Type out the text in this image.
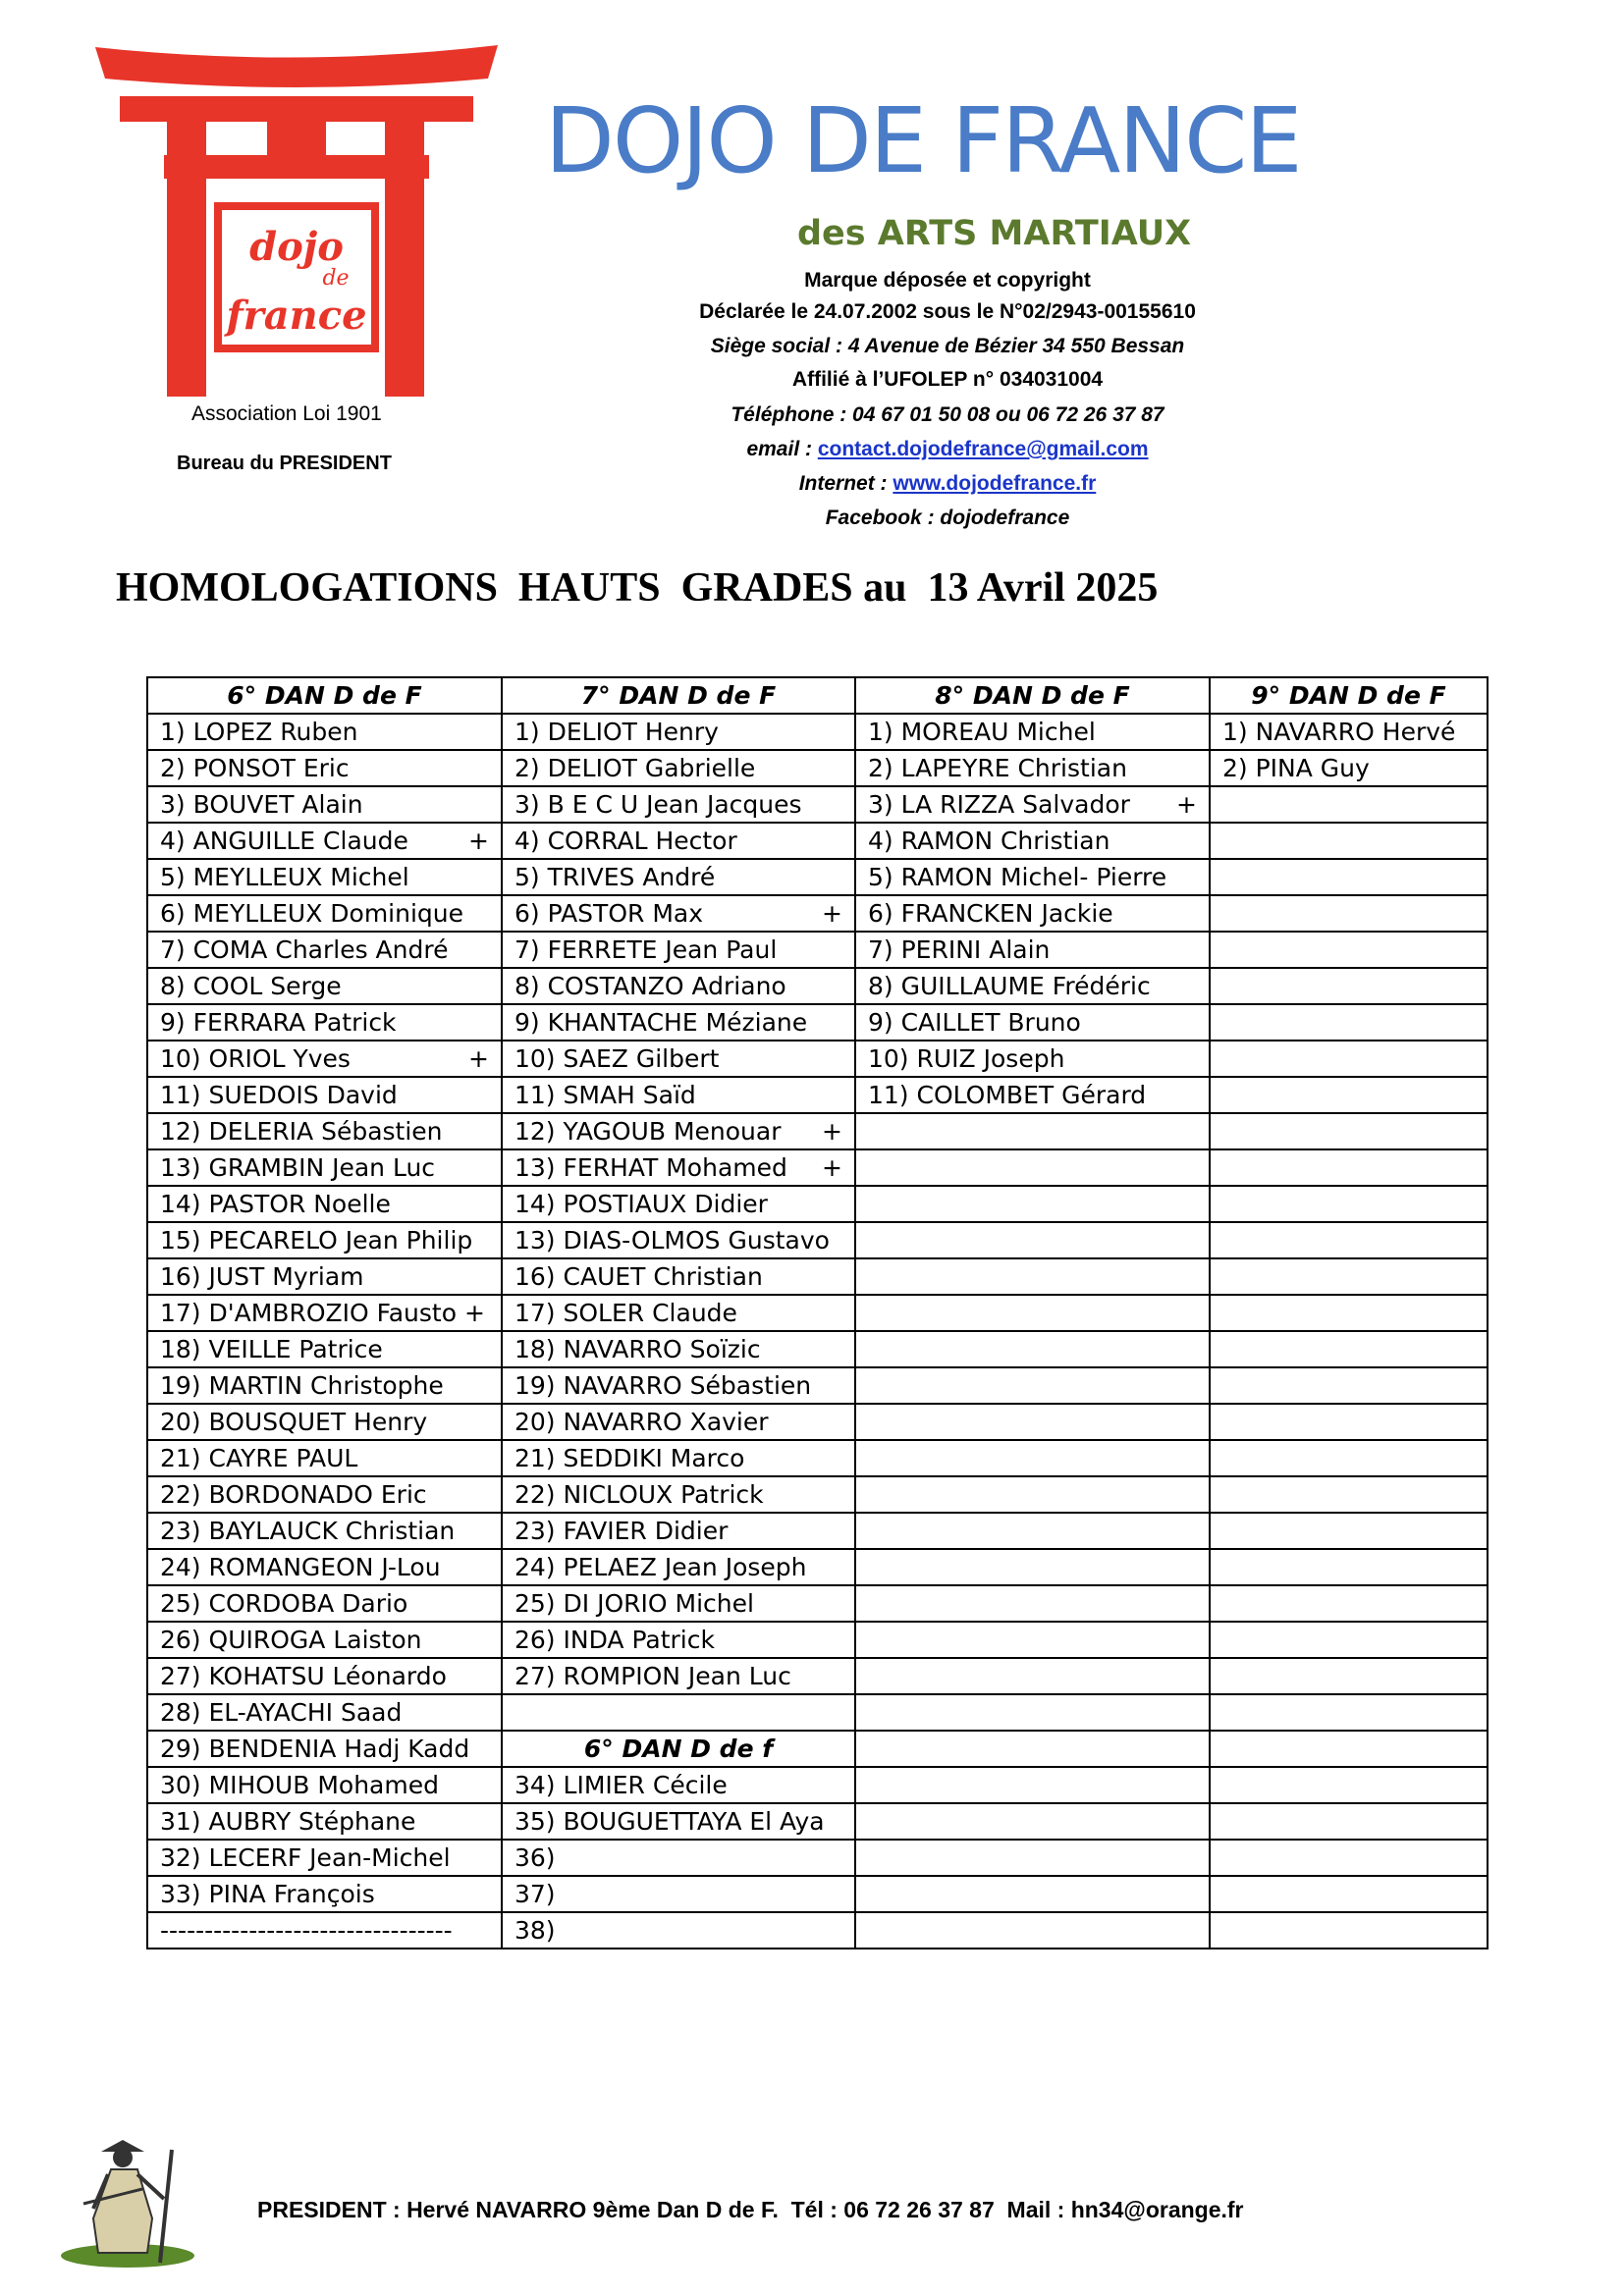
dojo
de
france
DOJO DE FRANCE
des ARTS MARTIAUX
Marque déposée et copyright
Déclarée le 24.07.2002 sous le N°02/2943-00155610
Siège social : 4 Avenue de Bézier 34 550 Bessan
Affilié à l’UFOLEP n° 034031004
Téléphone : 04 67 01 50 08 ou 06 72 26 37 87
email : contact.dojodefrance@gmail.com
Internet : www.dojodefrance.fr
Facebook : dojodefrance
Association Loi 1901
Bureau du PRESIDENT
HOMOLOGATIONS  HAUTS  GRADES au  13 Avril 2025
6° DAN D de F	7° DAN D de F	8° DAN D de F	9° DAN D de F

1) LOPEZ Ruben	1) DELIOT Henry	1) MOREAU Michel	1) NAVARRO Hervé

2) PONSOT Eric	2) DELIOT Gabrielle	2) LAPEYRE Christian	2) PINA Guy

3) BOUVET Alain	3) B E C U Jean Jacques	3) LA RIZZA Salvador +	

4) ANGUILLE Claude +	4) CORRAL Hector	4) RAMON Christian	

5) MEYLLEUX Michel	5) TRIVES André	5) RAMON Michel- Pierre	

6) MEYLLEUX Dominique	6) PASTOR Max +	6) FRANCKEN Jackie	

7) COMA Charles André	7) FERRETE Jean Paul	7) PERINI Alain	

8) COOL Serge	8) COSTANZO Adriano	8) GUILLAUME Frédéric	

9) FERRARA Patrick	9) KHANTACHE Méziane	9) CAILLET Bruno	

10) ORIOL Yves +	10) SAEZ Gilbert	10) RUIZ Joseph	

11) SUEDOIS David	11) SMAH Saïd	11) COLOMBET Gérard	

12) DELERIA Sébastien	12) YAGOUB Menouar +		

13) GRAMBIN Jean Luc	13) FERHAT Mohamed +		

14) PASTOR Noelle	14) POSTIAUX Didier		

15) PECARELO Jean Philip	13) DIAS-OLMOS Gustavo		

16) JUST Myriam	16) CAUET Christian		

17) D'AMBROZIO Fausto +	17) SOLER Claude		

18) VEILLE Patrice	18) NAVARRO Soïzic		

19) MARTIN Christophe	19) NAVARRO Sébastien		

20) BOUSQUET Henry	20) NAVARRO Xavier		

21) CAYRE PAUL	21) SEDDIKI Marco		

22) BORDONADO Eric	22) NICLOUX Patrick		

23) BAYLAUCK Christian	23) FAVIER Didier		

24) ROMANGEON J-Lou	24) PELAEZ Jean Joseph		

25) CORDOBA Dario	25) DI JORIO Michel		

26) QUIROGA Laiston	26) INDA Patrick		

27) KOHATSU Léonardo	27) ROMPION Jean Luc		

28) EL-AYACHI Saad			

29) BENDENIA Hadj Kadd	6° DAN D de f		

30) MIHOUB Mohamed	34) LIMIER Cécile		

31) AUBRY Stéphane	35) BOUGUETTAYA El Aya		

32) LECERF Jean-Michel	36)		

33) PINA François	37)		

---------------------------------	38)		

PRESIDENT : Hervé NAVARRO 9ème Dan D de F.  Tél : 06 72 26 37 87  Mail : hn34@orange.fr
